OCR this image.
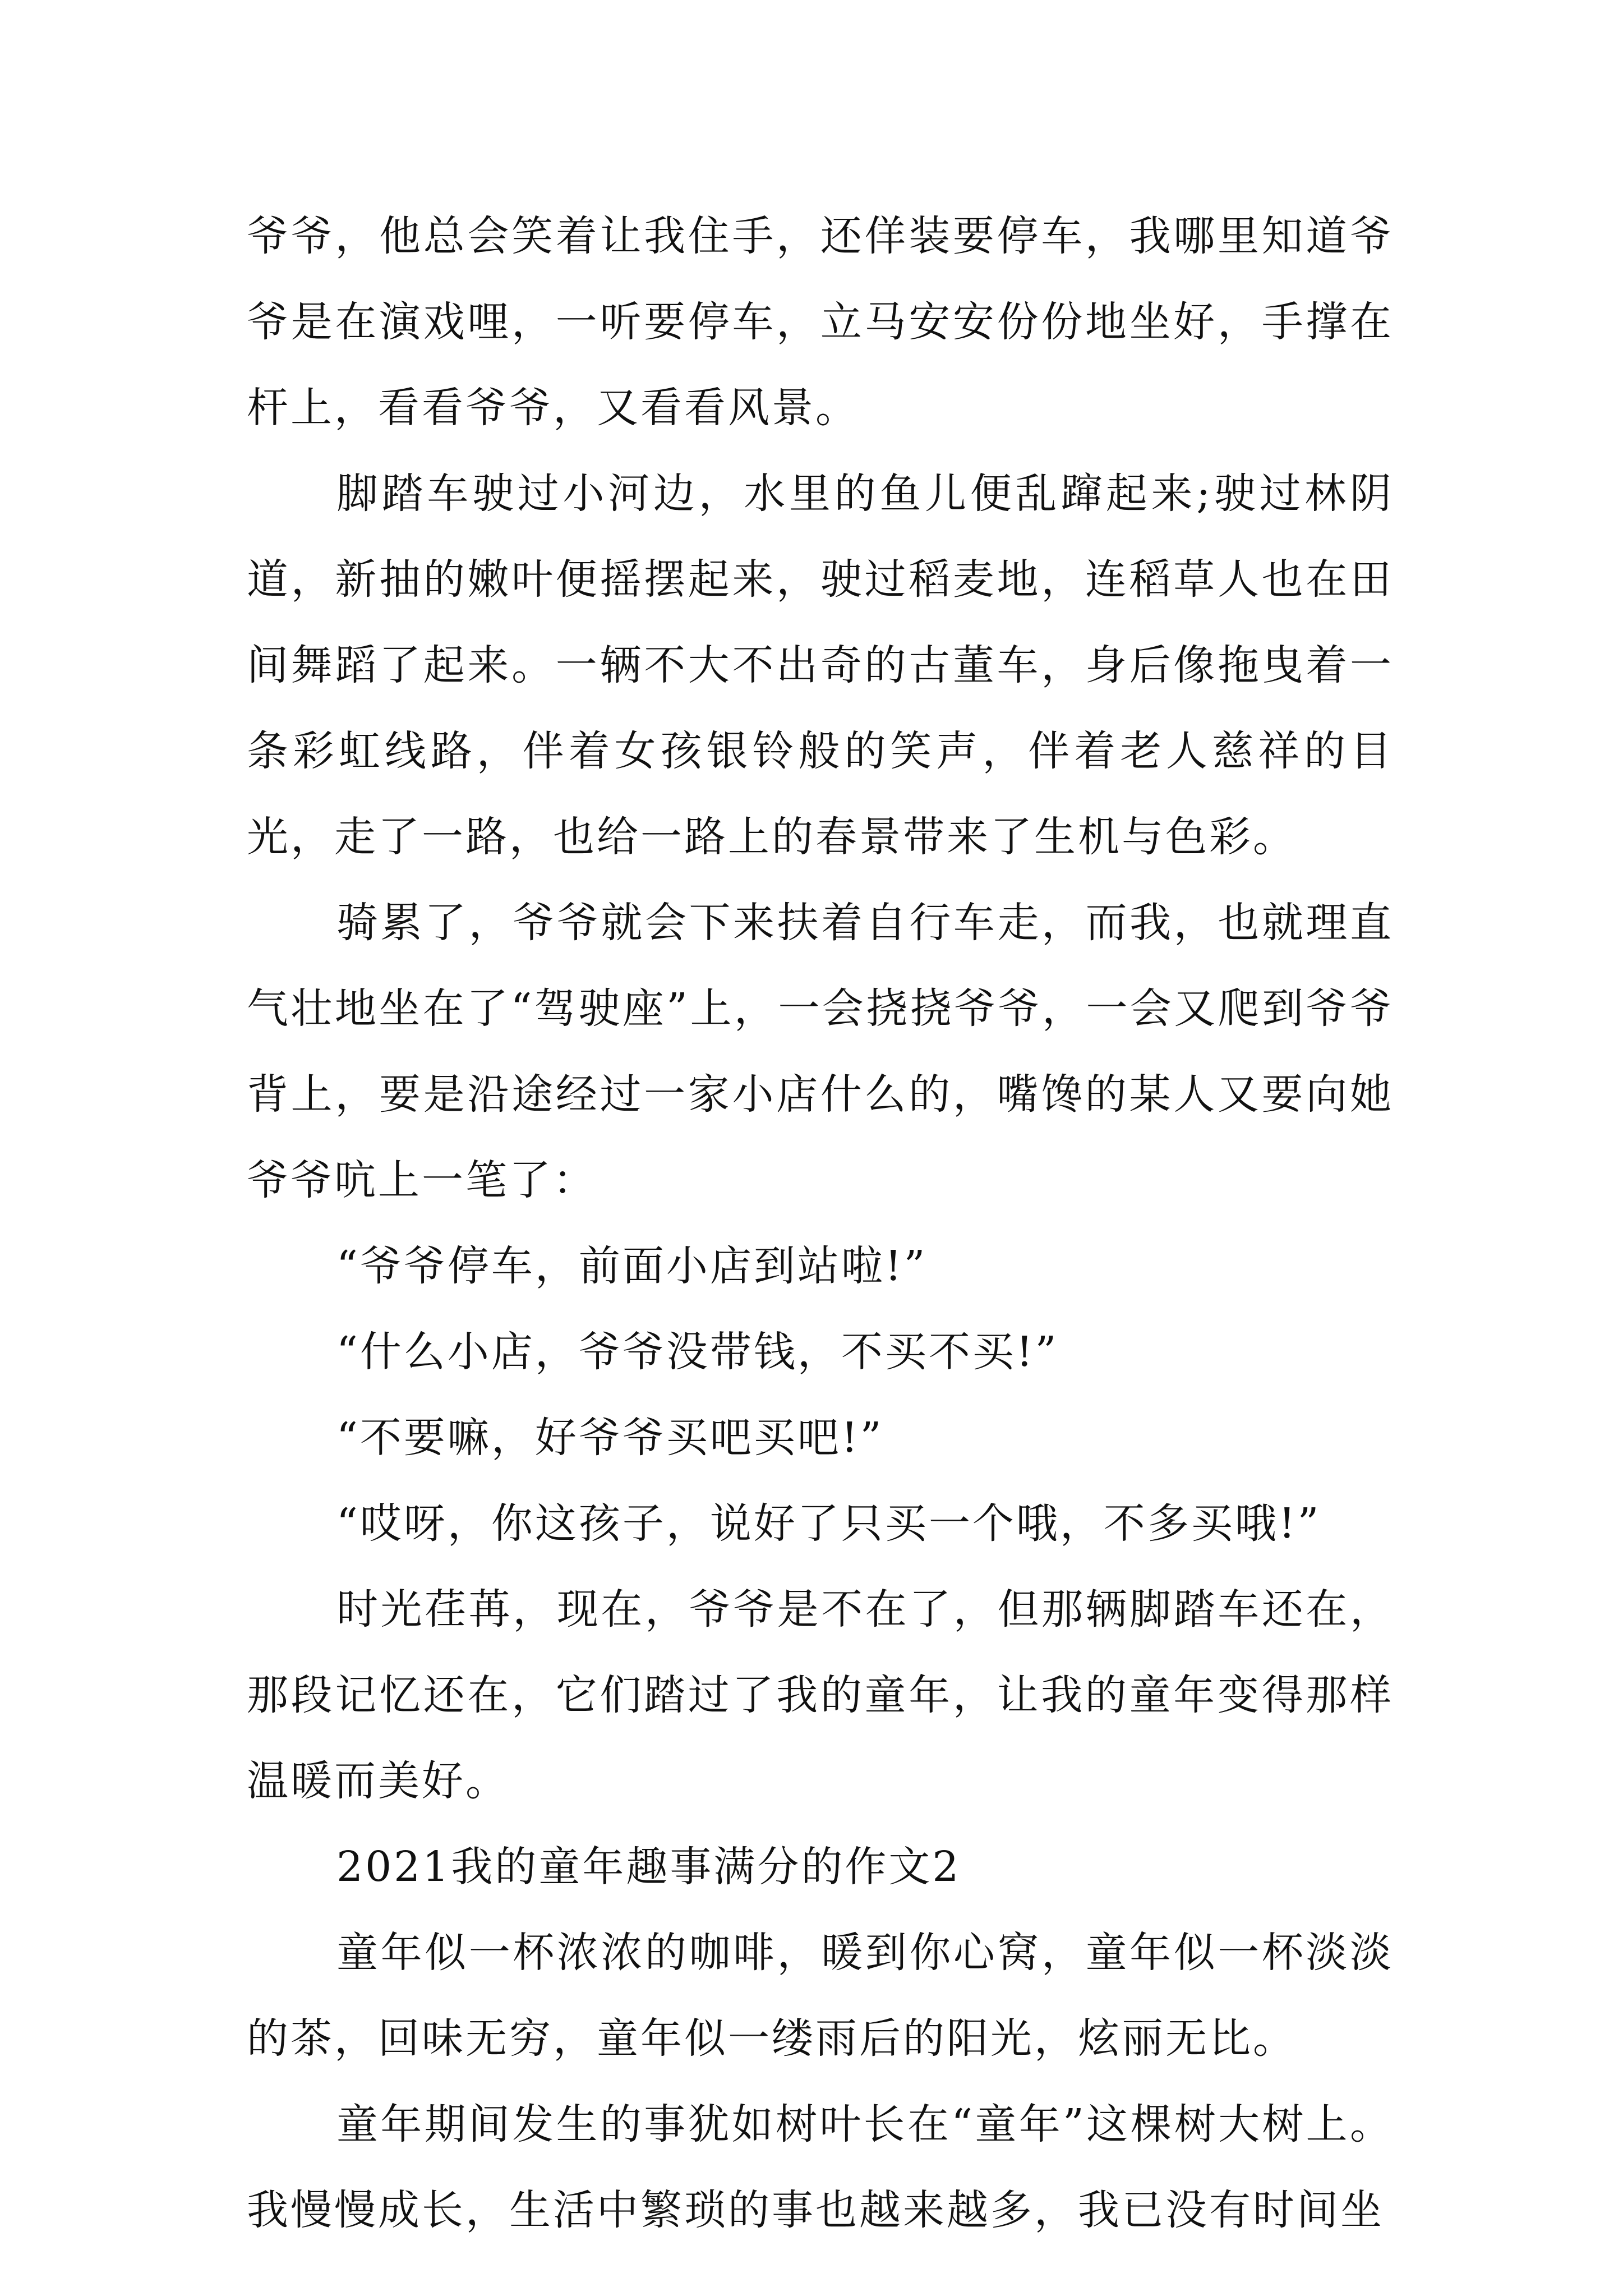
爷爷，他总会笑着让我住手，还佯装要停车，我哪里知道爷爷是在演戏哩，一听要停车，立马安安份份地坐好，手撑在杆上，看看爷爷，又看看风景。

脚踏车驶过小河边，水里的鱼儿便乱蹿起来;驶过林阴道，新抽的嫩叶便摇摆起来，驶过稻麦地，连稻草人也在田间舞蹈了起来。一辆不大不出奇的古董车，身后像拖曳着一条彩虹线路，伴着女孩银铃般的笑声，伴着老人慈祥的目光，走了一路，也给一路上的春景带来了生机与色彩。

骑累了，爷爷就会下来扶着自行车走，而我，也就理直气壮地坐在了“驾驶座”上，一会挠挠爷爷，一会又爬到爷爷背上，要是沿途经过一家小店什么的，嘴馋的某人又要向她爷爷吭上一笔了：

“爷爷停车，前面小店到站啦!”

“什么小店，爷爷没带钱，不买不买!”

“不要嘛，好爷爷买吧买吧!”

“哎呀，你这孩子，说好了只买一个哦，不多买哦!”

时光荏苒，现在，爷爷是不在了，但那辆脚踏车还在，那段记忆还在，它们踏过了我的童年，让我的童年变得那样温暖而美好。

2021我的童年趣事满分的作文2

童年似一杯浓浓的咖啡，暖到你心窝，童年似一杯淡淡的茶，回味无穷，童年似一缕雨后的阳光，炫丽无比。

童年期间发生的事犹如树叶长在“童年”这棵树大树上。我慢慢成长，生活中繁琐的事也越来越多，我已没有时间坐
